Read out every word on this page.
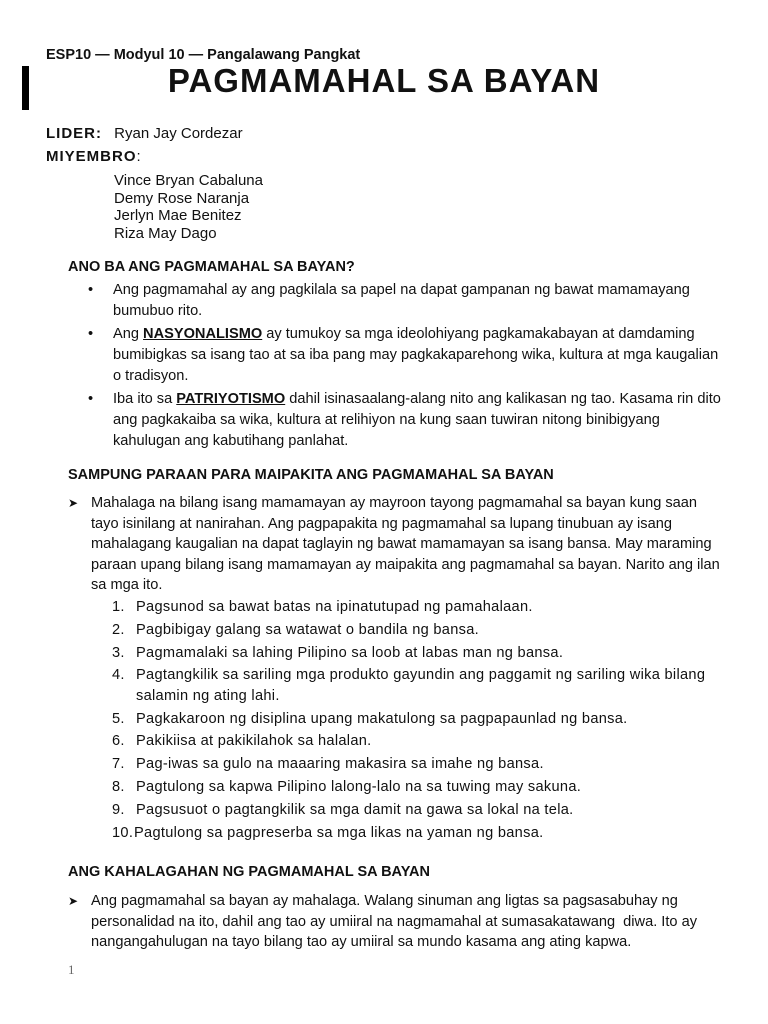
ESP10 — Modyul 10 — Pangalawang Pangkat
PAGMAMAHAL SA BAYAN
LIDER: Ryan Jay Cordezar
MIYEMBRO:
Vince Bryan Cabaluna
Demy Rose Naranja
Jerlyn Mae Benitez
Riza May Dago
ANO BA ANG PAGMAMAHAL SA BAYAN?
• Ang pagmamahal ay ang pagkilala sa papel na dapat gampanan ng bawat mamamayang bumubuo rito.
• Ang NASYONALISMO ay tumukoy sa mga ideolohiyang pagkamakabayan at damdaming bumibigkas sa isang tao at sa iba pang may pagkakaparehong wika, kultura at mga kaugalian o tradisyon.
• Iba ito sa PATRIYOTISMO dahil isinasaalang-alang nito ang kalikasan ng tao. Kasama rin dito ang pagkakaiba sa wika, kultura at relihiyon na kung saan tuwiran nitong binibigyang kahulugan ang kabutihang panlahat.
SAMPUNG PARAAN PARA MAIPAKITA ANG PAGMAMAHAL SA BAYAN
➤ Mahalaga na bilang isang mamamayan ay mayroon tayong pagmamahal sa bayan kung saan tayo isinilang at nanirahan. Ang pagpapakita ng pagmamahal sa lupang tinubuan ay isang mahalagang kaugalian na dapat taglayin ng bawat mamamayan sa isang bansa. May maraming paraan upang bilang isang mamamayan ay maipakita ang pagmamahal sa bayan. Narito ang ilan sa mga ito.
1. Pagsunod sa bawat batas na ipinatutupad ng pamahalaan.
2. Pagbibigay galang sa watawat o bandila ng bansa.
3. Pagmamalaki sa lahing Pilipino sa loob at labas man ng bansa.
4. Pagtangkilik sa sariling mga produkto gayundin ang paggamit ng sariling wika bilang salamin ng ating lahi.
5. Pagkakaroon ng disiplina upang makatulong sa pagpapaunlad ng bansa.
6. Pakikiisa at pakikilahok sa halalan.
7. Pag-iwas sa gulo na maaaring makasira sa imahe ng bansa.
8. Pagtulong sa kapwa Pilipino lalong-lalo na sa tuwing may sakuna.
9. Pagsusuot o pagtangkilik sa mga damit na gawa sa lokal na tela.
10. Pagtulong sa pagpreserba sa mga likas na yaman ng bansa.
ANG KAHALAGAHAN NG PAGMAMAHAL SA BAYAN
➤ Ang pagmamahal sa bayan ay mahalaga. Walang sinuman ang ligtas sa pagsasabuhay ng personalidad na ito, dahil ang tao ay umiiral na nagmamahal at sumasakatawang  diwa. Ito ay nangangahulugan na tayo bilang tao ay umiiral sa mundo kasama ang ating kapwa.
1
